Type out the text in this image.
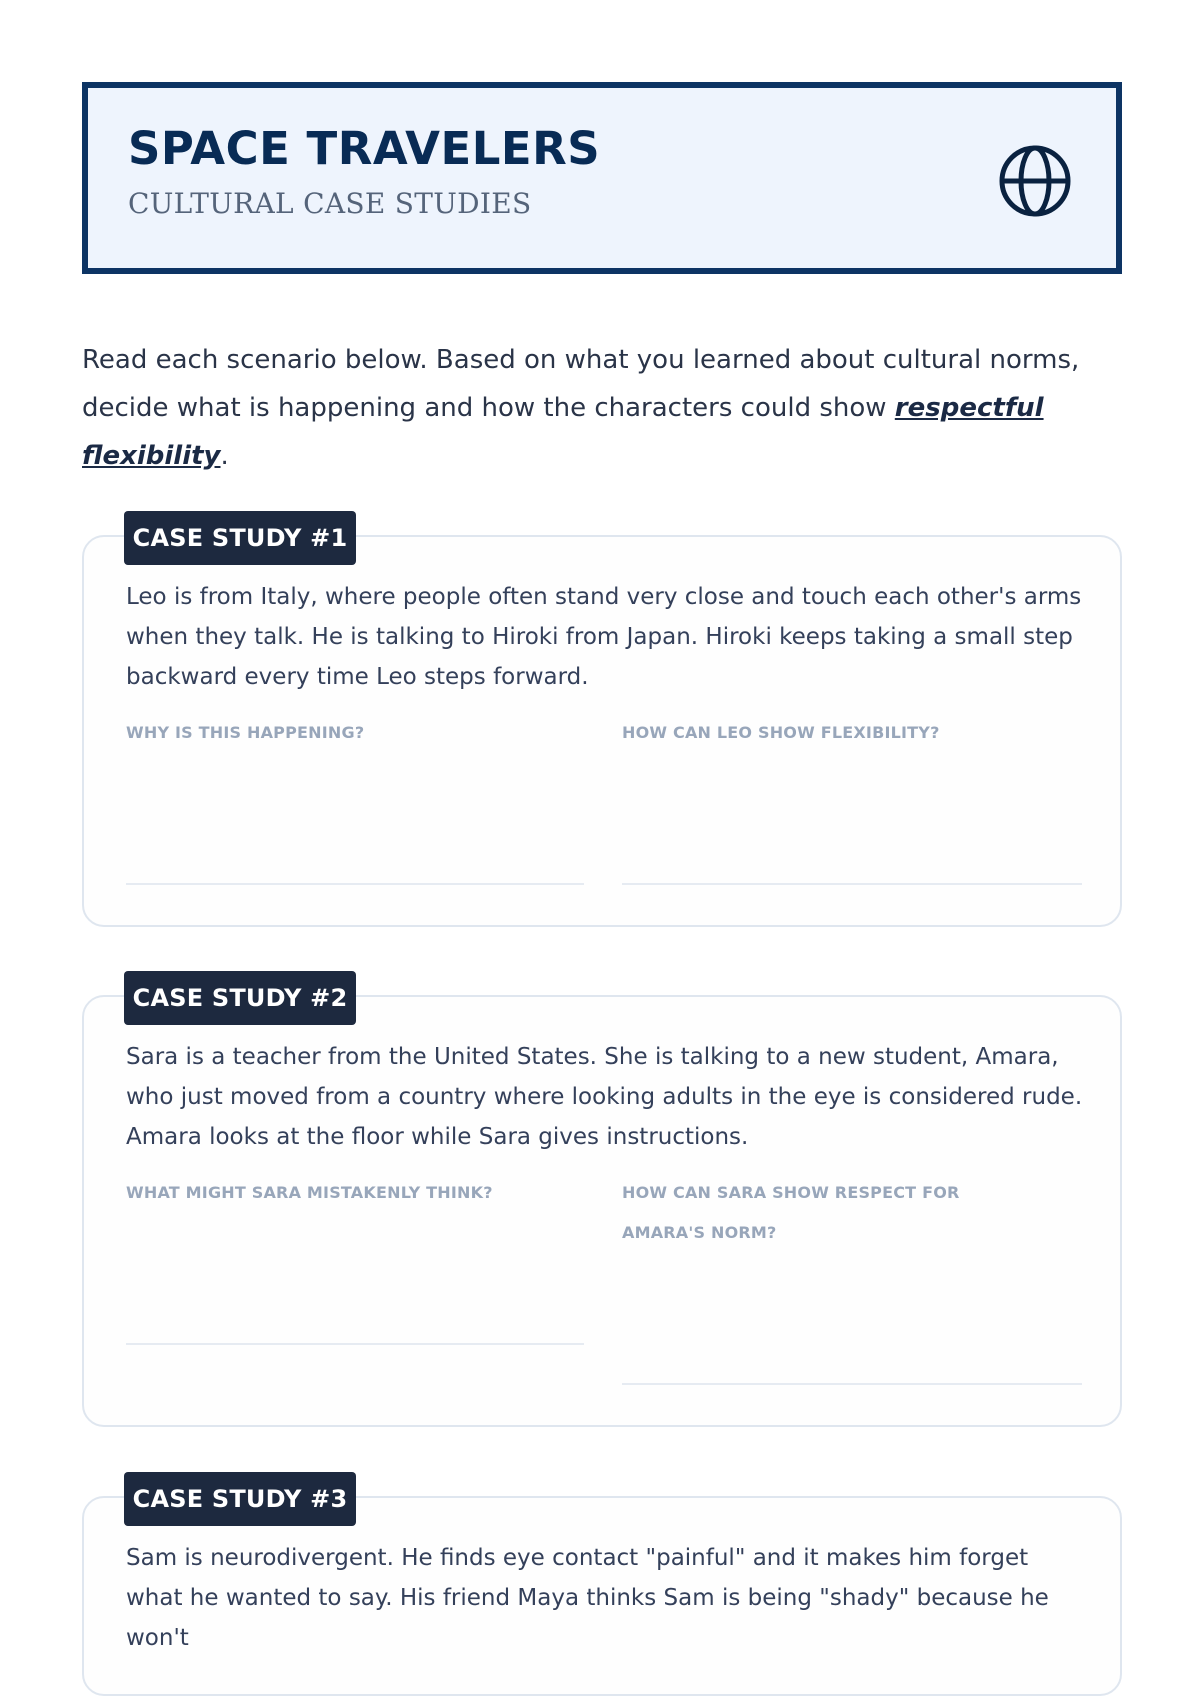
SPACE TRAVELERS
CULTURAL CASE STUDIES

Read each scenario below. Based on what you learned about cultural norms, decide what is happening and how the characters could show respectful flexibility.

Leo is from Italy, where people often stand very close and touch each other's arms when they talk. He is talking to Hiroki from Japan. Hiroki keeps taking a small step backward every time Leo steps forward.

WHY IS THIS HAPPENING?	HOW CAN LEO SHOW FLEXIBILITY?

CASE STUDY #1

Sara is a teacher from the United States. She is talking to a new student, Amara, who just moved from a country where looking adults in the eye is considered rude. Amara looks at the floor while Sara gives instructions.

WHAT MIGHT SARA MISTAKENLY THINK?	HOW CAN SARA SHOW RESPECT FOR AMARA'S NORM?

CASE STUDY #2

Sam is neurodivergent. He finds eye contact "painful" and it makes him forget what he wanted to say. His friend Maya thinks Sam is being "shady" because he won't

CASE STUDY #3
